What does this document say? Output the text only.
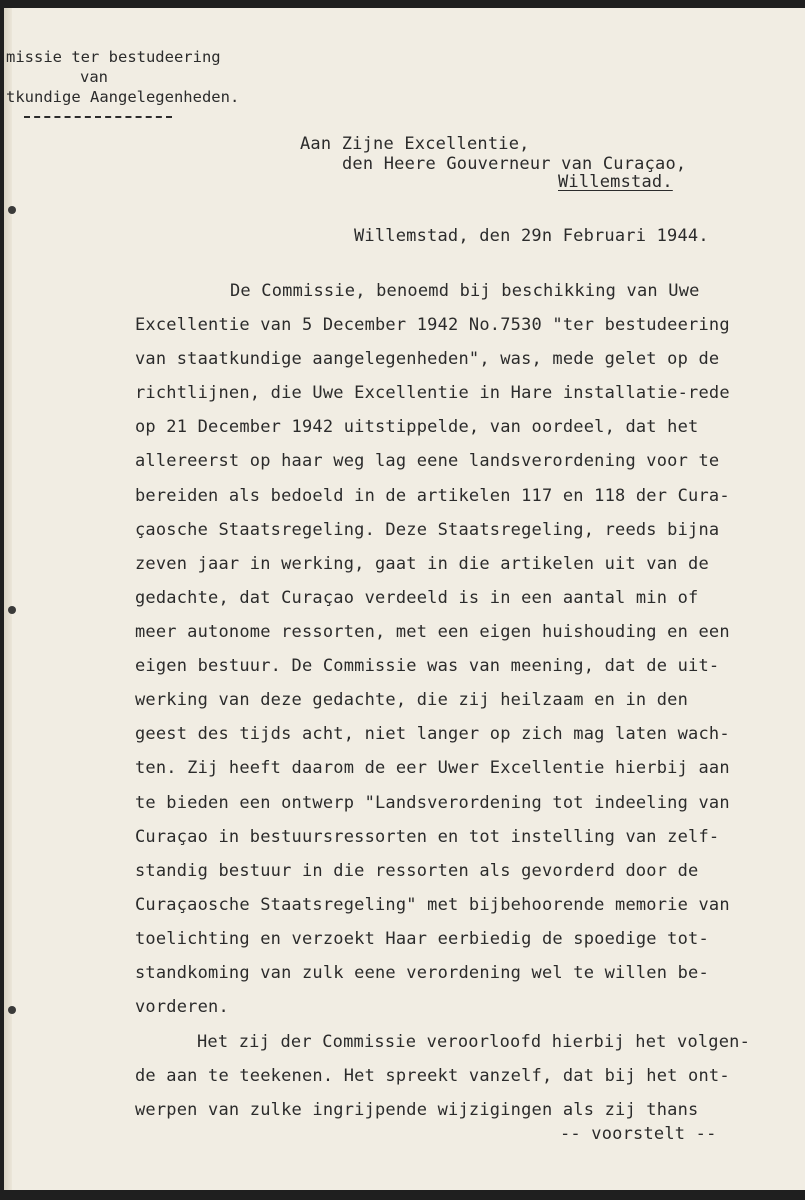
missie ter bestudeering
van
tkundige Aangelegenheden.
Aan Zijne Excellentie,
den Heere Gouverneur van Curaçao,
Willemstad.
Willemstad, den 29n Februari 1944.
De Commissie, benoemd bij beschikking van Uwe
Excellentie van 5 December 1942 No.7530 "ter bestudeering
van staatkundige aangelegenheden", was, mede gelet op de
richtlijnen, die Uwe Excellentie in Hare installatie-rede
op 21 December 1942 uitstippelde, van oordeel, dat het
allereerst op haar weg lag eene landsverordening voor te
bereiden als bedoeld in de artikelen 117 en 118 der Cura-
çaosche Staatsregeling. Deze Staatsregeling, reeds bijna
zeven jaar in werking, gaat in die artikelen uit van de
gedachte, dat Curaçao verdeeld is in een aantal min of
meer autonome ressorten, met een eigen huishouding en een
eigen bestuur. De Commissie was van meening, dat de uit-
werking van deze gedachte, die zij heilzaam en in den
geest des tijds acht, niet langer op zich mag laten wach-
ten. Zij heeft daarom de eer Uwer Excellentie hierbij aan
te bieden een ontwerp "Landsverordening tot indeeling van
Curaçao in bestuursressorten en tot instelling van zelf-
standig bestuur in die ressorten als gevorderd door de
Curaçaosche Staatsregeling" met bijbehoorende memorie van
toelichting en verzoekt Haar eerbiedig de spoedige tot-
standkoming van zulk eene verordening wel te willen be-
vorderen.
Het zij der Commissie veroorloofd hierbij het volgen-
de aan te teekenen. Het spreekt vanzelf, dat bij het ont-
werpen van zulke ingrijpende wijzigingen als zij thans
-- voorstelt --
